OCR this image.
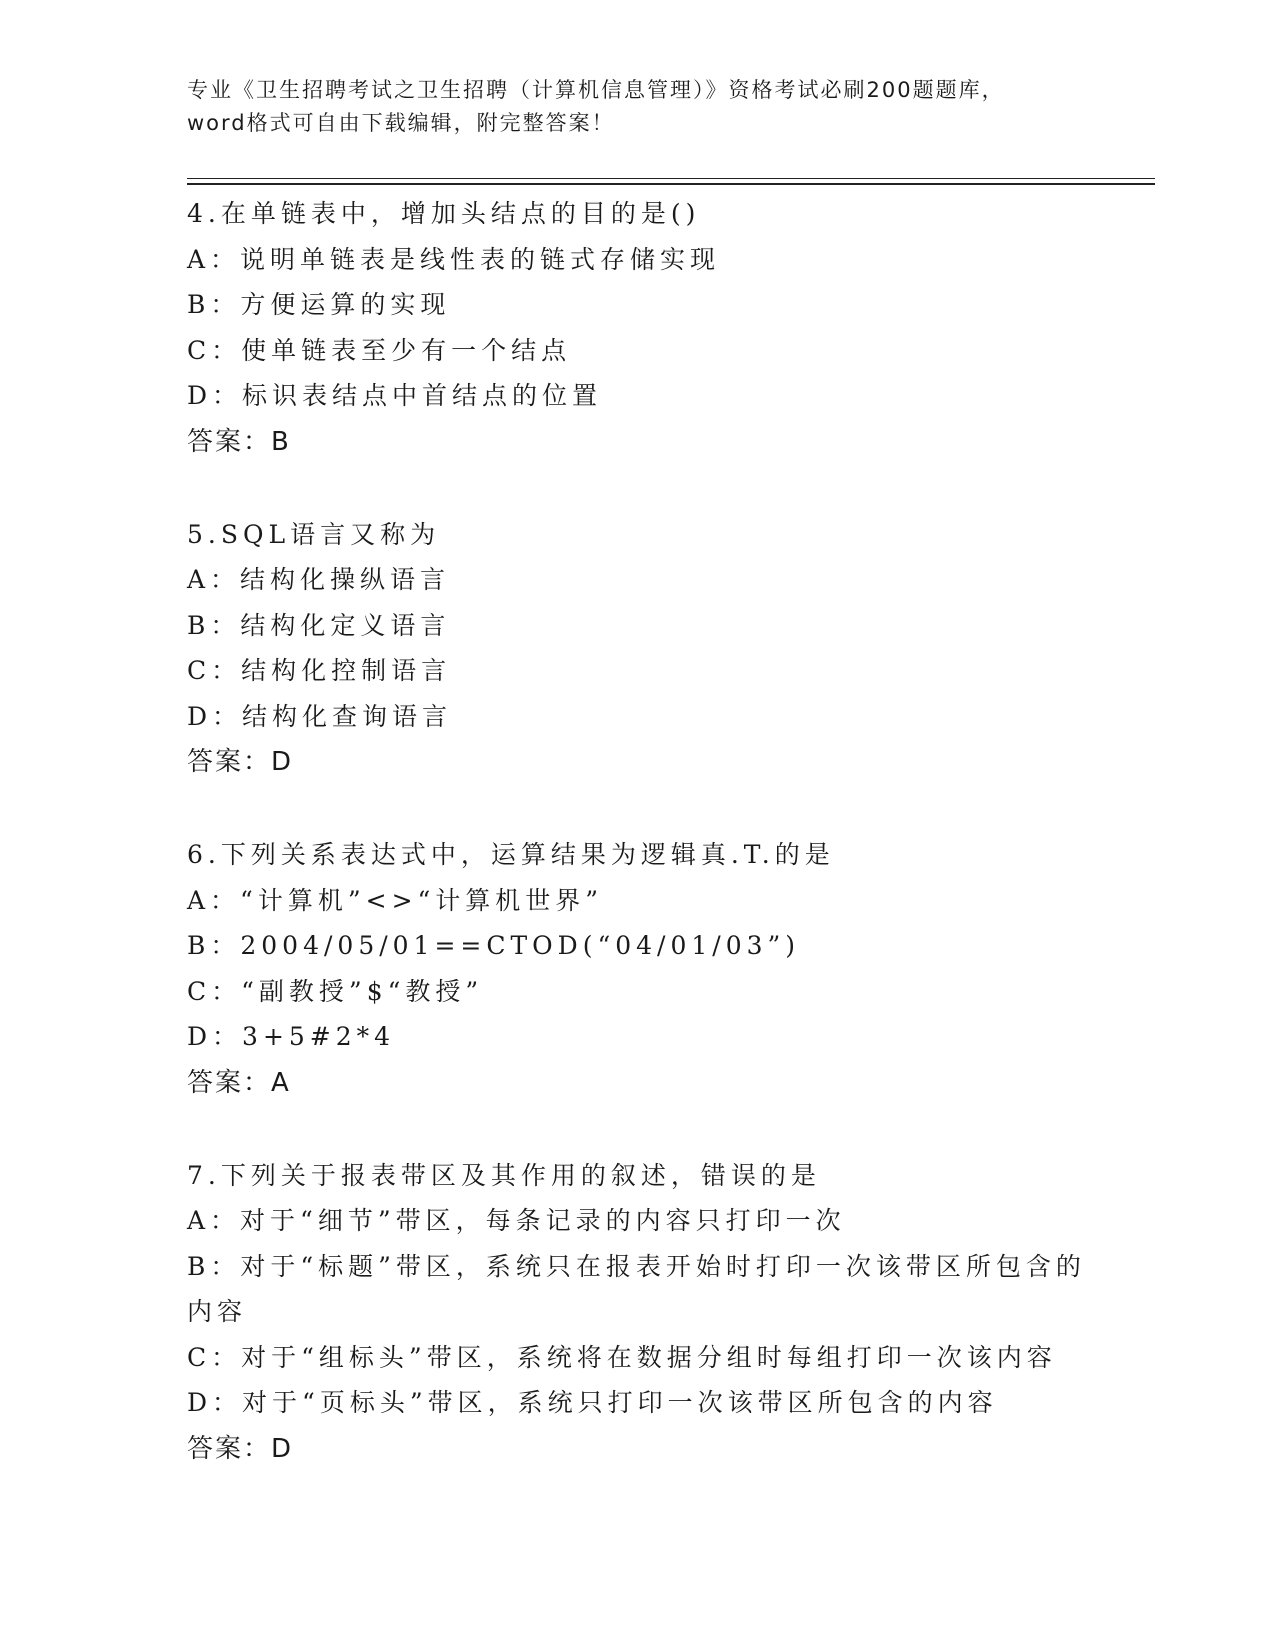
专业《卫生招聘考试之卫生招聘（计算机信息管理）》资格考试必刷200题题库，
word格式可自由下载编辑，附完整答案！
4.在单链表中，增加头结点的目的是()
A：说明单链表是线性表的链式存储实现
B：方便运算的实现
C：使单链表至少有一个结点
D：标识表结点中首结点的位置
答案：B
5.SQL语言又称为
A：结构化操纵语言
B：结构化定义语言
C：结构化控制语言
D：结构化查询语言
答案：D
6.下列关系表达式中，运算结果为逻辑真.T.的是
A：“计算机”<>“计算机世界”
B：2004/05/01==CTOD(“04/01/03”)
C：“副教授”$“教授”
D：3+5#2*4
答案：A
7.下列关于报表带区及其作用的叙述，错误的是
A：对于“细节”带区，每条记录的内容只打印一次
B：对于“标题”带区，系统只在报表开始时打印一次该带区所包含的内容
C：对于“组标头”带区，系统将在数据分组时每组打印一次该内容
D：对于“页标头”带区，系统只打印一次该带区所包含的内容
答案：D
